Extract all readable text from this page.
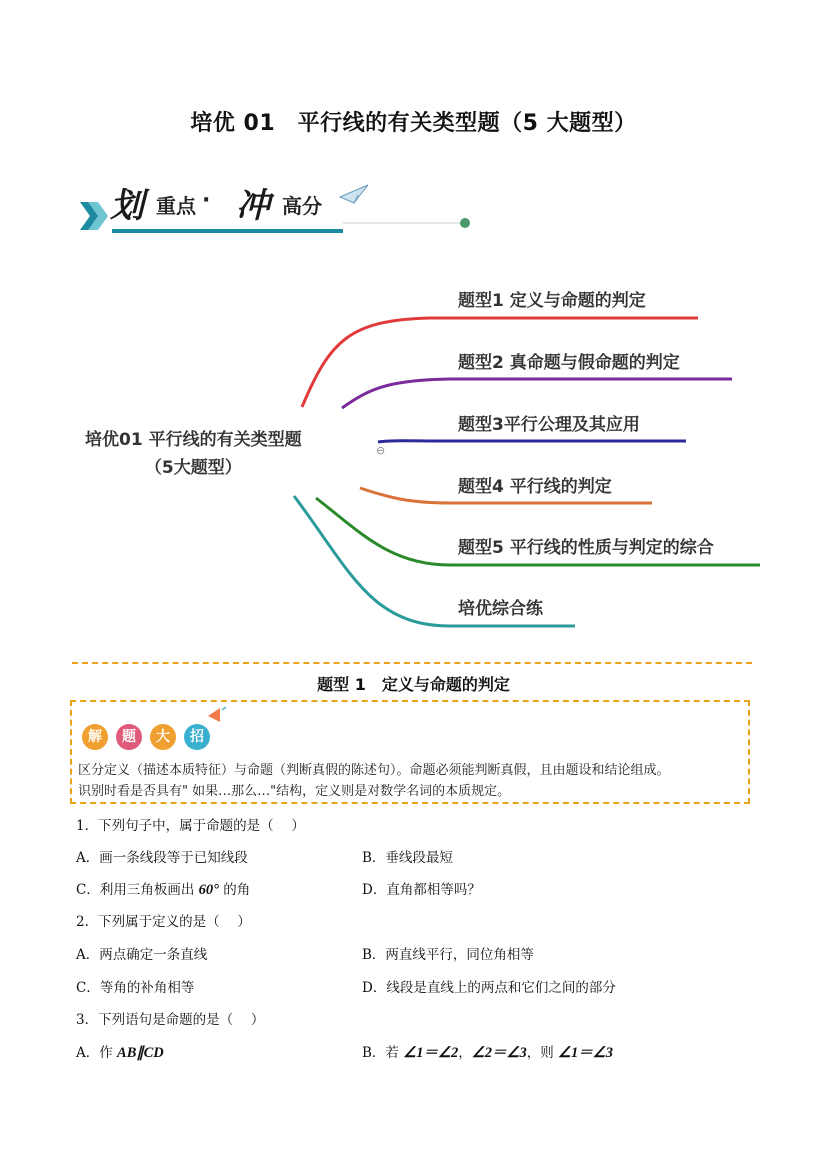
培优 01　平行线的有关类型题（5 大题型）
划 重点 · 冲 高分
培优01 平行线的有关类型题
（5大题型）
⊖
题型1 定义与命题的判定
题型2 真命题与假命题的判定
题型3平行公理及其应用
题型4 平行线的判定
题型5 平行线的性质与判定的综合
培优综合练
题型 1　定义与命题的判定
解	题	大	招
区分定义（描述本质特征）与命题（判断真假的陈述句）。命题必须能判断真假，且由题设和结论组成。
识别时看是否具有" 如果…那么…"结构，定义则是对数学名词的本质规定。
1．下列句子中，属于命题的是（　 ）
A．画一条线段等于已知线段	B．垂线段最短
C．利用三角板画出 60° 的角	D．直角都相等吗？
2．下列属于定义的是（　 ）
A．两点确定一条直线	B．两直线平行，同位角相等
C．等角的补角相等	D．线段是直线上的两点和它们之间的部分
3．下列语句是命题的是（　 ）
A．作 AB∥CD	B．若 ∠1＝∠2，∠2＝∠3，则 ∠1＝∠3
